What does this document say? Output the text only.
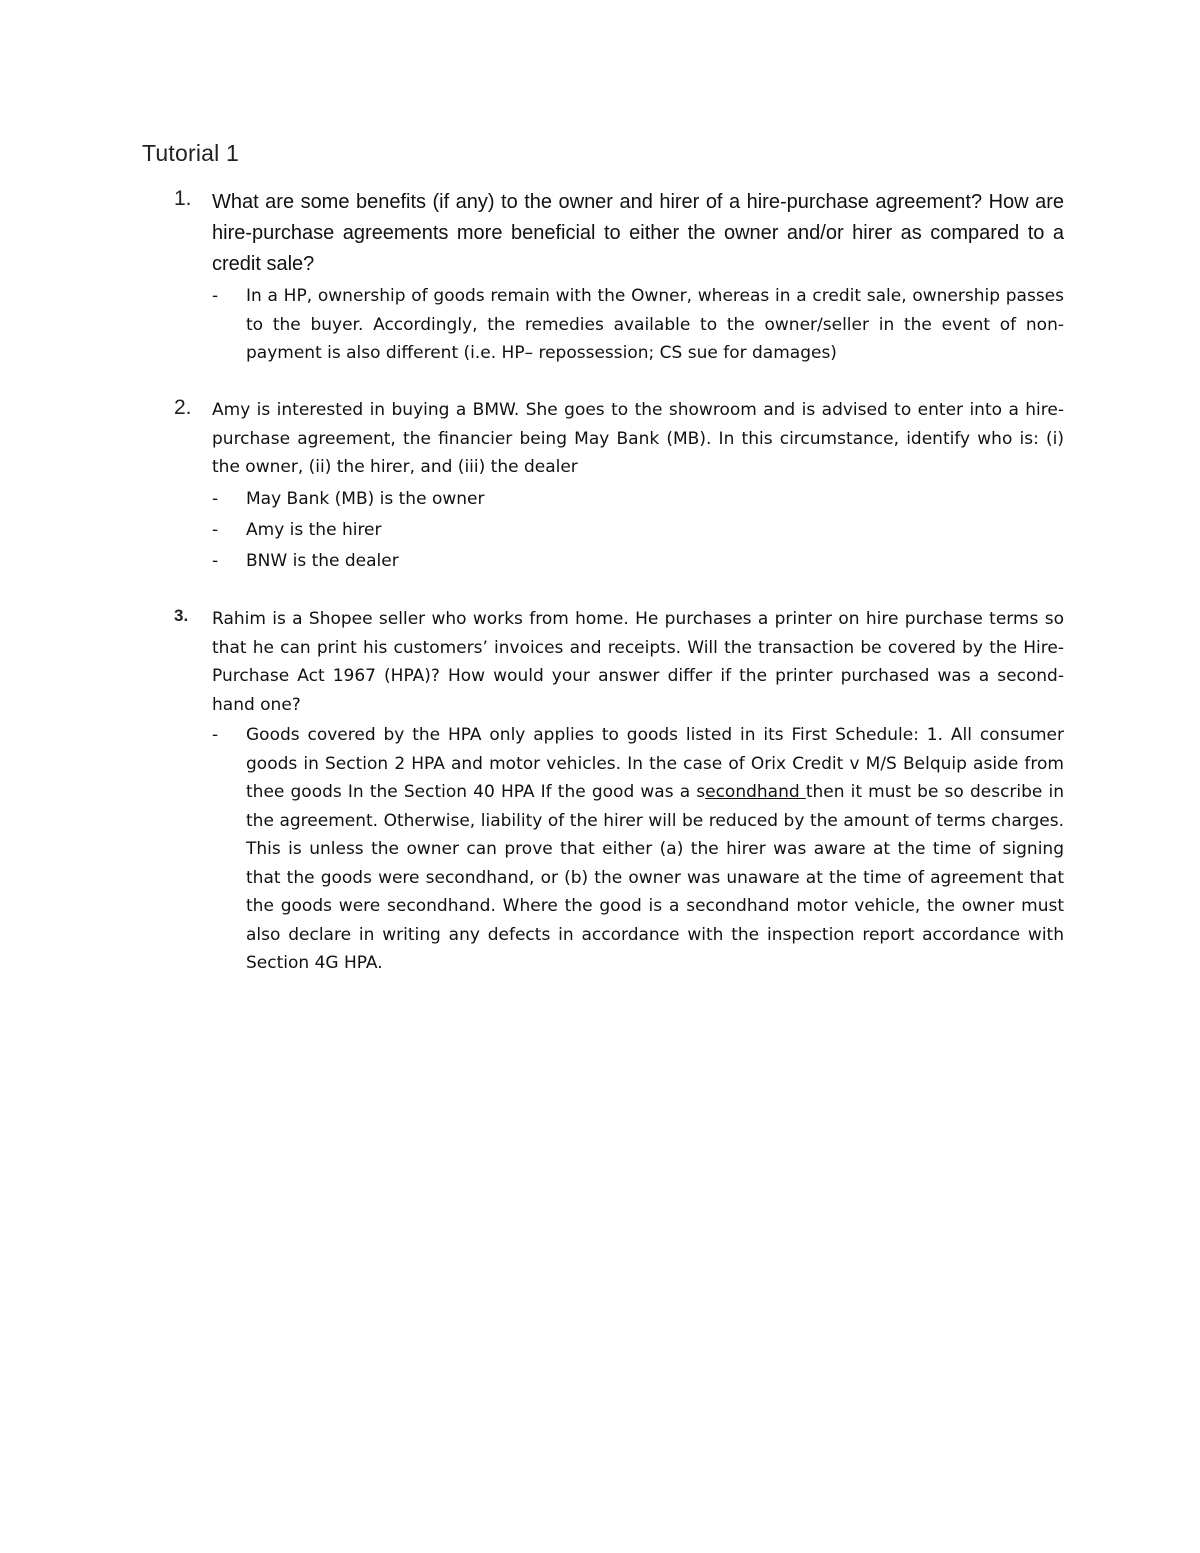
Tutorial 1
1.	What are some benefits (if any) to the owner and hirer of a hire-purchase agreement? How are hire-purchase agreements more beneficial to either the owner and/or hirer as compared to a credit sale?
- In a HP, ownership of goods remain with the Owner, whereas in a credit sale, ownership passes to the buyer. Accordingly, the remedies available to the owner/seller in the event of non-payment is also different (i.e. HP– repossession; CS sue for damages)
2.	Amy is interested in buying a BMW. She goes to the showroom and is advised to enter into a hire-purchase agreement, the financier being May Bank (MB). In this circumstance, identify who is: (i) the owner, (ii) the hirer, and (iii) the dealer
- May Bank (MB) is the owner
- Amy is the hirer
- BNW is the dealer
3.	Rahim is a Shopee seller who works from home. He purchases a printer on hire purchase terms so that he can print his customers’ invoices and receipts. Will the transaction be covered by the Hire-Purchase Act 1967 (HPA)? How would your answer differ if the printer purchased was a second-hand one?
- Goods covered by the HPA only applies to goods listed in its First Schedule: 1. All consumer goods in Section 2 HPA and motor vehicles. In the case of Orix Credit v M/S Belquip aside from thee goods In the Section 40 HPA If the good was a secondhand then it must be so describe in the agreement. Otherwise, liability of the hirer will be reduced by the amount of terms charges. This is unless the owner can prove that either (a) the hirer was aware at the time of signing that the goods were secondhand, or (b) the owner was unaware at the time of agreement that the goods were secondhand. Where the good is a secondhand motor vehicle, the owner must also declare in writing any defects in accordance with the inspection report accordance with Section 4G HPA.
